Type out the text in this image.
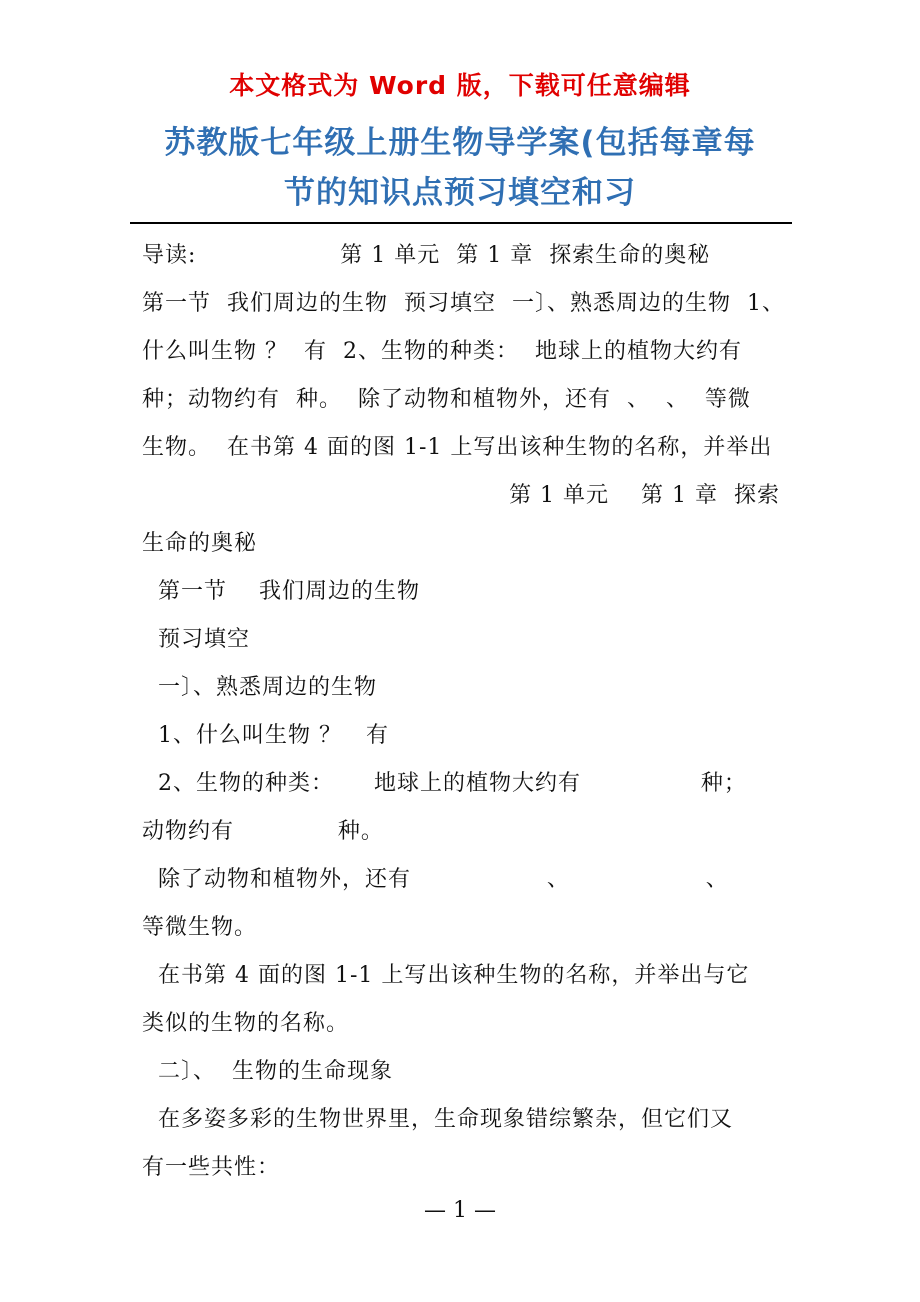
本文格式为 Word 版，下载可任意编辑
苏教版七年级上册生物导学案(包括每章每
节的知识点预习填空和习
导读:                  第 1 单元  第 1 章  探索生命的奥秘
第一节  我们周边的生物  预习填空  一〕、熟悉周边的生物  1、
什么叫生物 ？  有  2、生物的种类：  地球上的植物大约有
种；动物约有  种。  除了动物和植物外，还有  、  、  等微
生物。  在书第 4 面的图 1-1 上写出该种生物的名称，并举出
第 1 单元    第 1 章  探索
生命的奥秘
第一节    我们周边的生物
预习填空
一〕、熟悉周边的生物
1、什么叫生物 ？   有
2、生物的种类：     地球上的植物大约有               种；
动物约有             种。
除了动物和植物外，还有                 、                 、
等微生物。
在书第 4 面的图 1-1 上写出该种生物的名称，并举出与它
类似的生物的名称。
二〕、  生物的生命现象
在多姿多彩的生物世界里，生命现象错综繁杂，但它们又
有一些共性：
— 1 —
